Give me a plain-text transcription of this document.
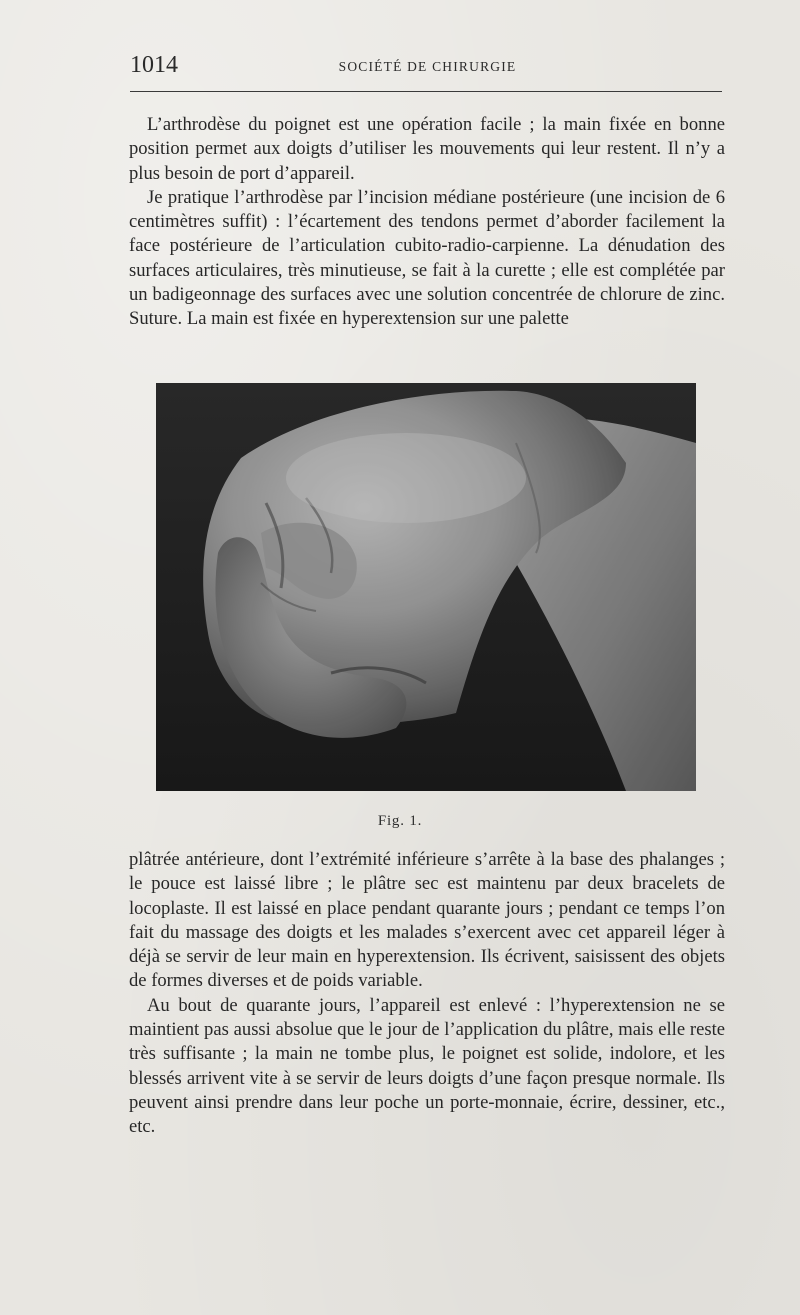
1014	SOCIÉTÉ DE CHIRURGIE

L’arthrodèse du poignet est une opération facile ; la main fixée en bonne position permet aux doigts d’utiliser les mouvements qui leur restent. Il n’y a plus besoin de port d’appareil.

Je pratique l’arthrodèse par l’incision médiane postérieure (une incision de 6 centimètres suffit) : l’écartement des tendons permet d’aborder facilement la face postérieure de l’articulation cubito-radio-carpienne. La dénudation des surfaces articulaires, très minutieuse, se fait à la curette ; elle est complétée par un badigeonnage des surfaces avec une solution concentrée de chlorure de zinc. Suture. La main est fixée en hyperextension sur une palette

Fig. 1.

plâtrée antérieure, dont l’extrémité inférieure s’arrête à la base des phalanges ; le pouce est laissé libre ; le plâtre sec est maintenu par deux bracelets de locoplaste. Il est laissé en place pendant quarante jours ; pendant ce temps l’on fait du massage des doigts et les malades s’exercent avec cet appareil léger à déjà se servir de leur main en hyperextension. Ils écrivent, saisissent des objets de formes diverses et de poids variable.

Au bout de quarante jours, l’appareil est enlevé : l’hyperextension ne se maintient pas aussi absolue que le jour de l’application du plâtre, mais elle reste très suffisante ; la main ne tombe plus, le poignet est solide, indolore, et les blessés arrivent vite à se servir de leurs doigts d’une façon presque normale. Ils peuvent ainsi prendre dans leur poche un porte-monnaie, écrire, dessiner, etc., etc.
